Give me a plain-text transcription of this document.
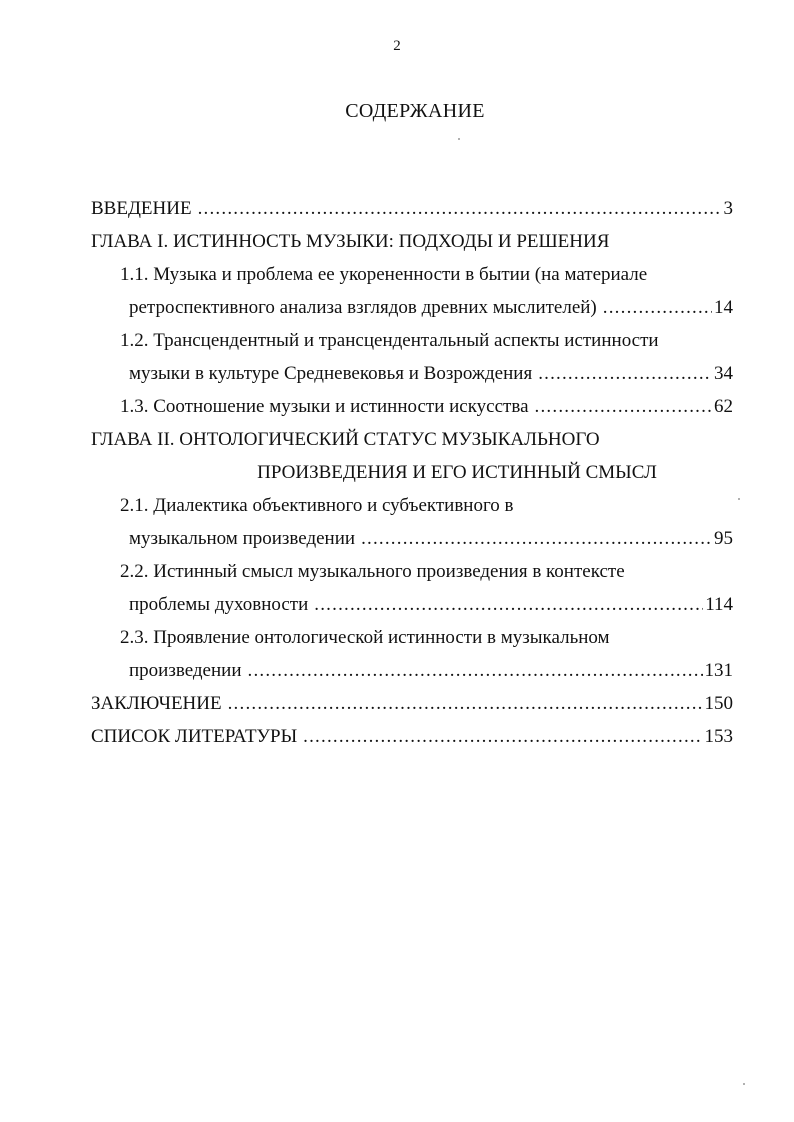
2
СОДЕРЖАНИЕ
ВВЕДЕНИЕ .....	3
ГЛАВА I. ИСТИННОСТЬ МУЗЫКИ: ПОДХОДЫ И РЕШЕНИЯ
1.1. Музыка и проблема ее укорененности в бытии (на материале
ретроспективного анализа взглядов древних мыслителей) .....	14
1.2. Трансцендентный и трансцендентальный аспекты истинности
музыки в культуре Средневековья и Возрождения .....	34
1.3. Соотношение музыки и истинности искусства .....	62
ГЛАВА II. ОНТОЛОГИЧЕСКИЙ СТАТУС МУЗЫКАЛЬНОГО
ПРОИЗВЕДЕНИЯ И ЕГО ИСТИННЫЙ СМЫСЛ
2.1. Диалектика объективного и субъективного в
музыкальном произведении .....	95
2.2. Истинный смысл музыкального произведения в контексте
проблемы духовности .....	114
2.3. Проявление онтологической истинности в музыкальном
произведении .....	131
ЗАКЛЮЧЕНИЕ .....	150
СПИСОК ЛИТЕРАТУРЫ .....	153
